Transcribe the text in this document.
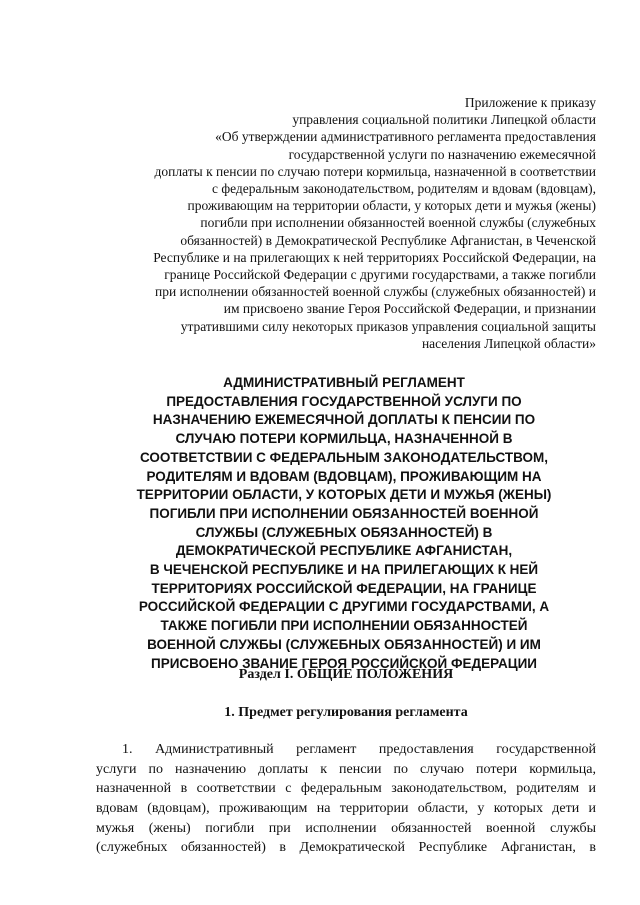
Приложение к приказу
управления социальной политики Липецкой области
«Об утверждении административного регламента предоставления
государственной услуги по назначению ежемесячной
доплаты к пенсии по случаю потери кормильца, назначенной в соответствии
с федеральным законодательством, родителям и вдовам (вдовцам),
проживающим на территории области, у которых дети и мужья (жены)
погибли при исполнении обязанностей военной службы (служебных
обязанностей) в Демократической Республике Афганистан, в Чеченской
Республике и на прилегающих к ней территориях Российской Федерации, на
границе Российской Федерации с другими государствами, а также погибли
при исполнении обязанностей военной службы (служебных обязанностей) и
им присвоено звание Героя Российской Федерации, и признании
утратившими силу некоторых приказов управления социальной защиты
населения Липецкой области»
АДМИНИСТРАТИВНЫЙ РЕГЛАМЕНТ
ПРЕДОСТАВЛЕНИЯ ГОСУДАРСТВЕННОЙ УСЛУГИ ПО
НАЗНАЧЕНИЮ ЕЖЕМЕСЯЧНОЙ ДОПЛАТЫ К ПЕНСИИ ПО
СЛУЧАЮ ПОТЕРИ КОРМИЛЬЦА, НАЗНАЧЕННОЙ В
СООТВЕТСТВИИ С ФЕДЕРАЛЬНЫМ ЗАКОНОДАТЕЛЬСТВОМ,
РОДИТЕЛЯМ И ВДОВАМ (ВДОВЦАМ), ПРОЖИВАЮЩИМ НА
ТЕРРИТОРИИ ОБЛАСТИ, У КОТОРЫХ ДЕТИ И МУЖЬЯ (ЖЕНЫ)
ПОГИБЛИ ПРИ ИСПОЛНЕНИИ ОБЯЗАННОСТЕЙ ВОЕННОЙ
СЛУЖБЫ (СЛУЖЕБНЫХ ОБЯЗАННОСТЕЙ) В
ДЕМОКРАТИЧЕСКОЙ РЕСПУБЛИКЕ АФГАНИСТАН,
В ЧЕЧЕНСКОЙ РЕСПУБЛИКЕ И НА ПРИЛЕГАЮЩИХ К НЕЙ
ТЕРРИТОРИЯХ РОССИЙСКОЙ ФЕДЕРАЦИИ, НА ГРАНИЦЕ
РОССИЙСКОЙ ФЕДЕРАЦИИ С ДРУГИМИ ГОСУДАРСТВАМИ, А
ТАКЖЕ ПОГИБЛИ ПРИ ИСПОЛНЕНИИ ОБЯЗАННОСТЕЙ
ВОЕННОЙ СЛУЖБЫ (СЛУЖЕБНЫХ ОБЯЗАННОСТЕЙ) И ИМ
ПРИСВОЕНО ЗВАНИЕ ГЕРОЯ РОССИЙСКОЙ ФЕДЕРАЦИИ
Раздел I. ОБЩИЕ ПОЛОЖЕНИЯ
1. Предмет регулирования регламента
1. Административный регламент предоставления государственной
услуги по назначению доплаты к пенсии по случаю потери кормильца,
назначенной в соответствии с федеральным законодательством, родителям и
вдовам (вдовцам), проживающим на территории области, у которых дети и
мужья (жены) погибли при исполнении обязанностей военной службы
(служебных обязанностей) в Демократической Республике Афганистан, в
